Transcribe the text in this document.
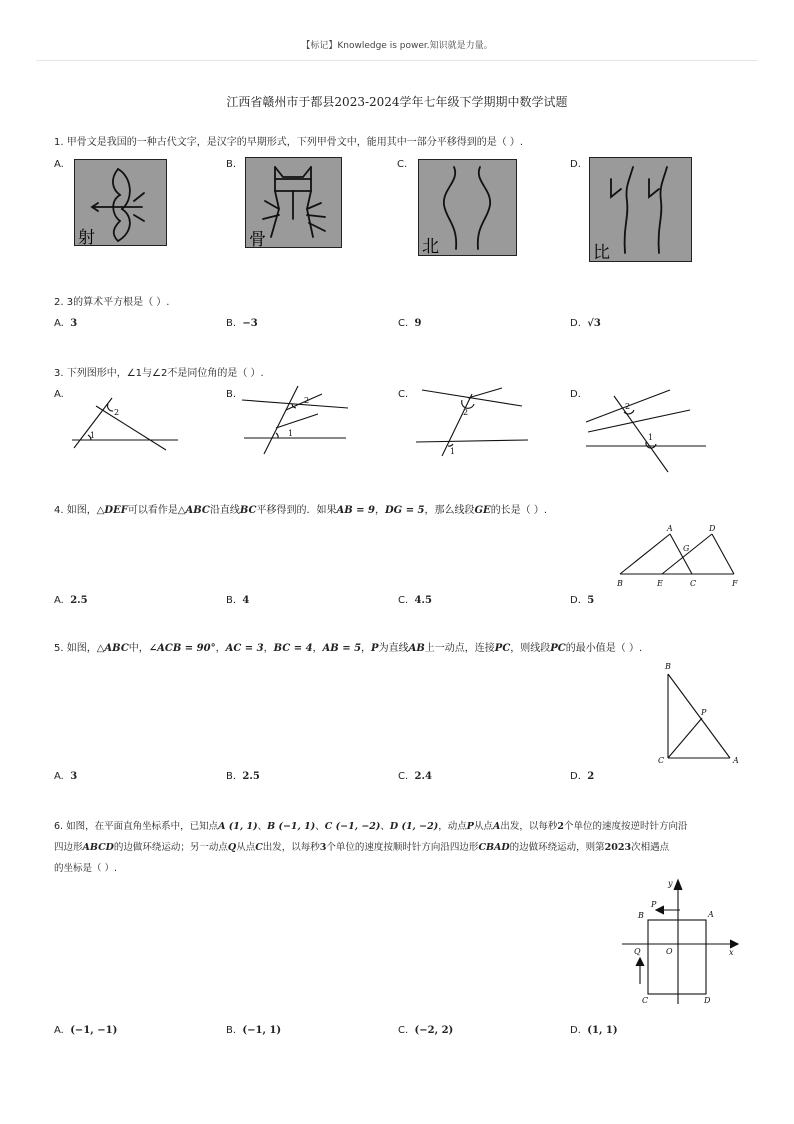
【标记】Knowledge is power.知识就是力量。
江西省赣州市于都县2023-2024学年七年级下学期期中数学试题
1. 甲骨文是我国的一种古代文字，是汉字的早期形式，下列甲骨文中，能用其中一部分平移得到的是（ ）.
A.
射
B.
骨
C.
北
D.
比
2. 3的算术平方根是（ ）.
A. 3	B. −3	C. 9	D. √3
3. 下列图形中，∠1与∠2不是同位角的是（ ）.
A.
1
2
B.
1
2
C.
1
2
D.
2
1
4. 如图，△DEF可以看作是△ABC沿直线BC平移得到的．如果AB = 9，DG = 5，那么线段GE的长是（ ）.
A	D
G
B	E	C	F
A. 2.5	B. 4	C. 4.5	D. 5
5. 如图，△ABC中，∠ACB = 90°，AC = 3，BC = 4，AB = 5，P为直线AB上一动点，连接PC，则线段PC的最小值是（ ）.
B
P
C	A
A. 3	B. 2.5	C. 2.4	D. 2
6. 如图，在平面直角坐标系中，已知点A (1, 1)、B (−1, 1)、C (−1, −2)、D (1, −2)，动点P从点A出发，以每秒2个单位的速度按逆时针方向沿
四边形ABCD的边做环绕运动；另一动点Q从点C出发，以每秒3个单位的速度按顺时针方向沿四边形CBAD的边做环绕运动，则第2023次相遇点
的坐标是（ ）.
y
x
O
A
B
C	D
P
Q
A. (−1, −1)	B. (−1, 1)	C. (−2, 2)	D. (1, 1)
